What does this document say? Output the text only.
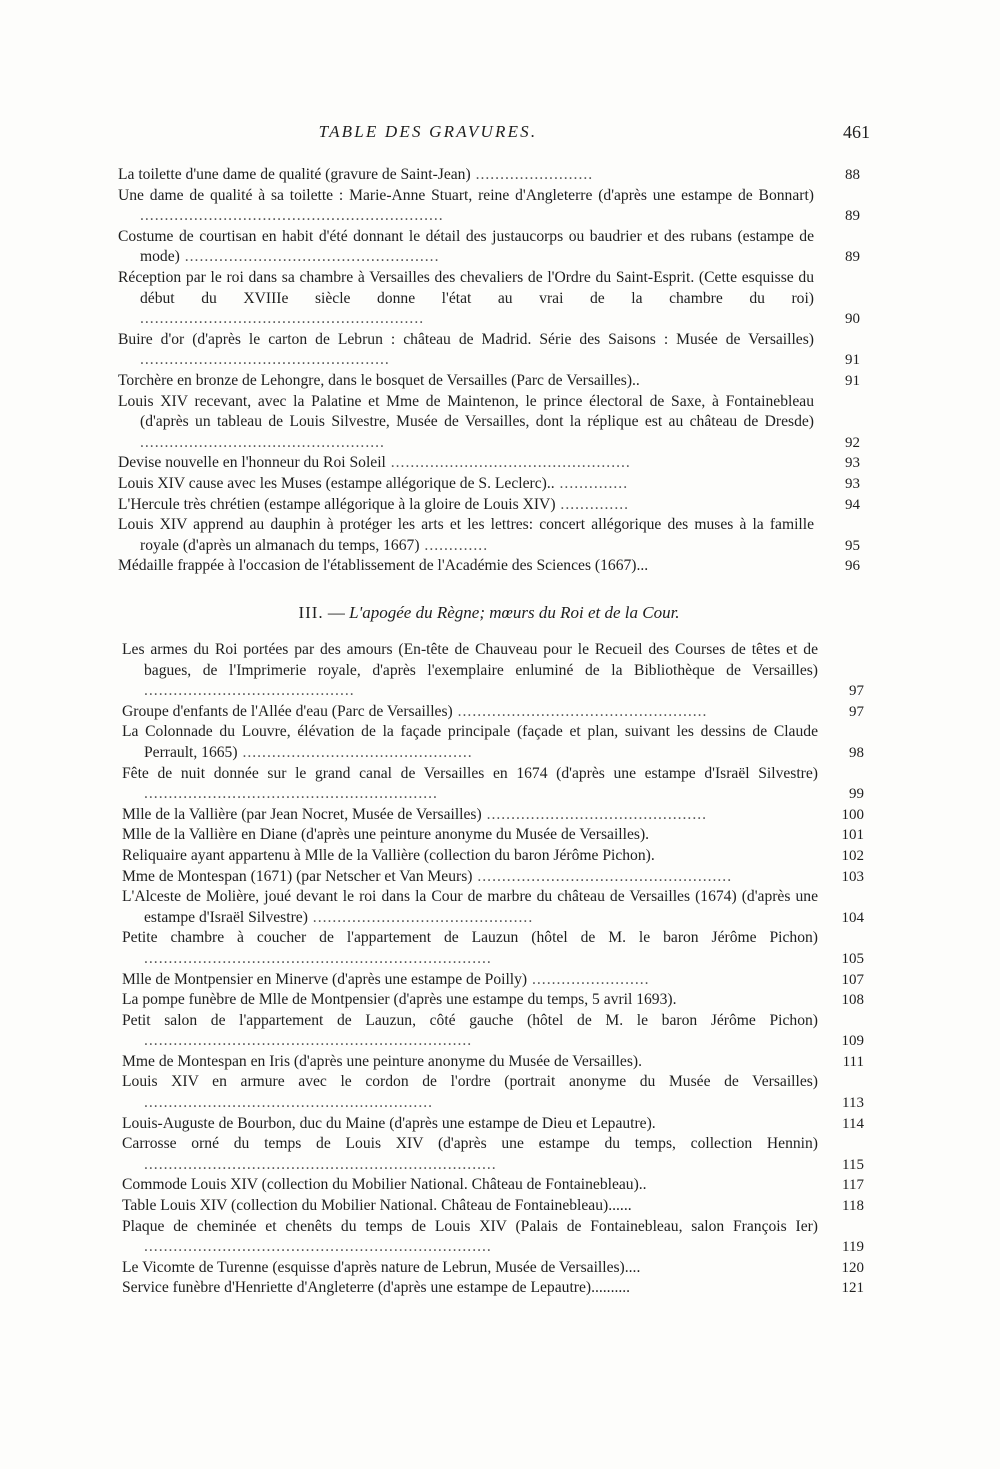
TABLE DES GRAVURES.	461
La toilette d'une dame de qualité (gravure de Saint-Jean) ........................	88
Une dame de qualité à sa toilette : Marie-Anne Stuart, reine d'Angleterre (d'après une estampe de Bonnart) ..............................................................	89
Costume de courtisan en habit d'été donnant le détail des justaucorps ou baudrier et des rubans (estampe de mode) ....................................................	89
Réception par le roi dans sa chambre à Versailles des chevaliers de l'Ordre du Saint-Esprit. (Cette esquisse du début du XVIIIe siècle donne l'état au vrai de la chambre du roi) ..........................................................	90
Buire d'or (d'après le carton de Lebrun : château de Madrid. Série des Saisons : Musée de Versailles) ...................................................	91
Torchère en bronze de Lehongre, dans le bosquet de Versailles (Parc de Versailles)..	91
Louis XIV recevant, avec la Palatine et Mme de Maintenon, le prince électoral de Saxe, à Fontainebleau (d'après un tableau de Louis Silvestre, Musée de Versailles, dont la réplique est au château de Dresde) ..................................................	92
Devise nouvelle en l'honneur du Roi Soleil .................................................	93
Louis XIV cause avec les Muses (estampe allégorique de S. Leclerc).. ..............	93
L'Hercule très chrétien (estampe allégorique à la gloire de Louis XIV) ..............	94
Louis XIV apprend au dauphin à protéger les arts et les lettres: concert allégorique des muses à la famille royale (d'après un almanach du temps, 1667) .............	95
Médaille frappée à l'occasion de l'établissement de l'Académie des Sciences (1667)...	96
III. — L'apogée du Règne; mœurs du Roi et de la Cour.
Les armes du Roi portées par des amours (En-tête de Chauveau pour le Recueil des Courses de têtes et de bagues, de l'Imprimerie royale, d'après l'exemplaire enluminé de la Bibliothèque de Versailles) ...........................................	97
Groupe d'enfants de l'Allée d'eau (Parc de Versailles) ...................................................	97
La Colonnade du Louvre, élévation de la façade principale (façade et plan, suivant les dessins de Claude Perrault, 1665) ...............................................	98
Fête de nuit donnée sur le grand canal de Versailles en 1674 (d'après une estampe d'Israël Silvestre) ............................................................	99
Mlle de la Vallière (par Jean Nocret, Musée de Versailles) .............................................	100
Mlle de la Vallière en Diane (d'après une peinture anonyme du Musée de Versailles).	101
Reliquaire ayant appartenu à Mlle de la Vallière (collection du baron Jérôme Pichon).	102
Mme de Montespan (1671) (par Netscher et Van Meurs) ....................................................	103
L'Alceste de Molière, joué devant le roi dans la Cour de marbre du château de Versailles (1674) (d'après une estampe d'Israël Silvestre) .............................................	104
Petite chambre à coucher de l'appartement de Lauzun (hôtel de M. le baron Jérôme Pichon) .......................................................................	105
Mlle de Montpensier en Minerve (d'après une estampe de Poilly) ........................	107
La pompe funèbre de Mlle de Montpensier (d'après une estampe du temps, 5 avril 1693).	108
Petit salon de l'appartement de Lauzun, côté gauche (hôtel de M. le baron Jérôme Pichon) ...................................................................	109
Mme de Montespan en Iris (d'après une peinture anonyme du Musée de Versailles).	111
Louis XIV en armure avec le cordon de l'ordre (portrait anonyme du Musée de Versailles) ...........................................................	113
Louis-Auguste de Bourbon, duc du Maine (d'après une estampe de Dieu et Lepautre).	114
Carrosse orné du temps de Louis XIV (d'après une estampe du temps, collection Hennin) ........................................................................	115
Commode Louis XIV (collection du Mobilier National. Château de Fontainebleau)..	117
Table Louis XIV (collection du Mobilier National. Château de Fontainebleau)......	118
Plaque de cheminée et chenêts du temps de Louis XIV (Palais de Fontainebleau, salon François Ier) .......................................................................	119
Le Vicomte de Turenne (esquisse d'après nature de Lebrun, Musée de Versailles)....	120
Service funèbre d'Henriette d'Angleterre (d'après une estampe de Lepautre)..........	121
